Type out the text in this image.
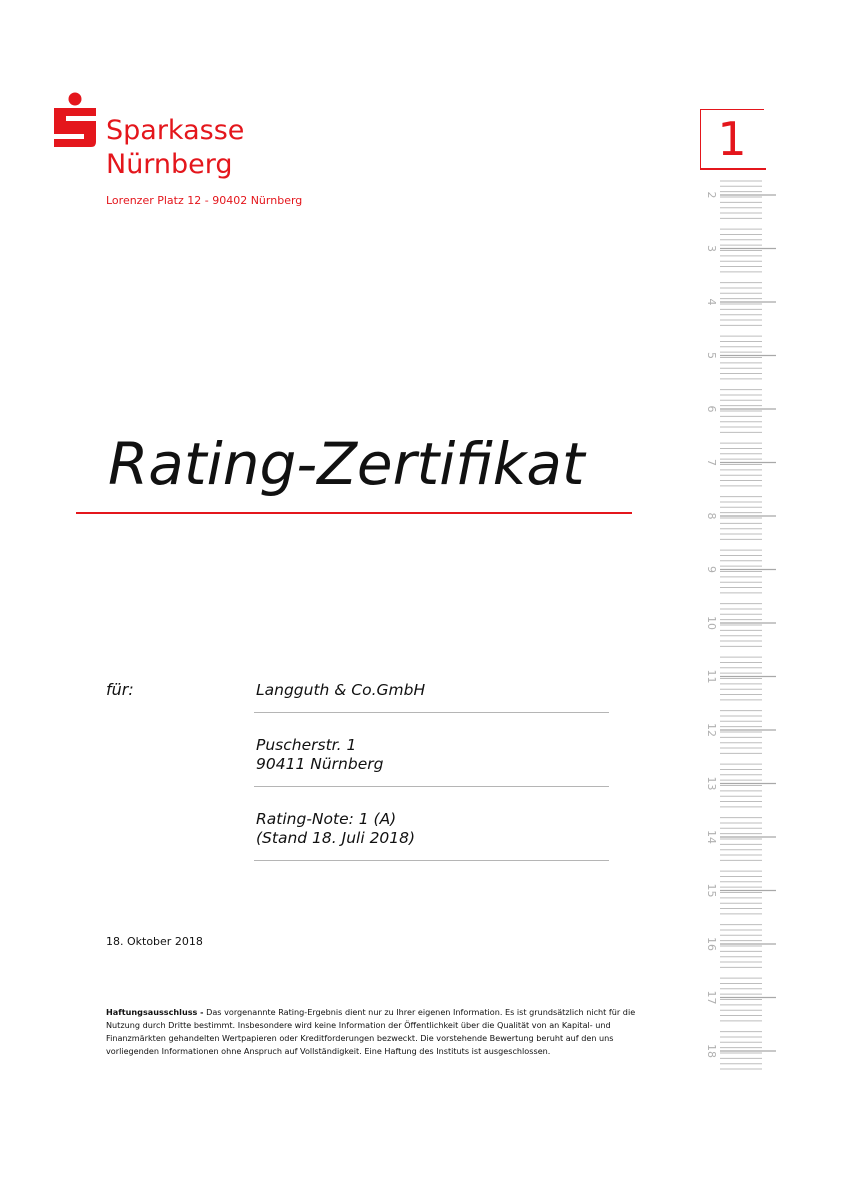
Sparkasse
Nürnberg
Lorenzer Platz 12 - 90402 Nürnberg
Rating-Zertifikat
für:	Langguth & Co.GmbH
Puscherstr. 1
90411 Nürnberg
Rating-Note: 1 (A)
(Stand 18. Juli 2018)
18. Oktober 2018
Haftungsausschluss - Das vorgenannte Rating-Ergebnis dient nur zu Ihrer eigenen Information. Es ist grundsätzlich nicht für die Nutzung durch Dritte bestimmt. Insbesondere wird keine Information der Öffentlichkeit über die Qualität von an Kapital- und Finanzmärkten gehandelten Wertpapieren oder Kreditforderungen bezweckt. Die vorstehende Bewertung beruht auf den uns vorliegenden Informationen ohne Anspruch auf Vollständigkeit. Eine Haftung des Instituts ist ausgeschlossen.
1
2
3
4
5
6
7
8
9
10
11
12
13
14
15
16
17
18
